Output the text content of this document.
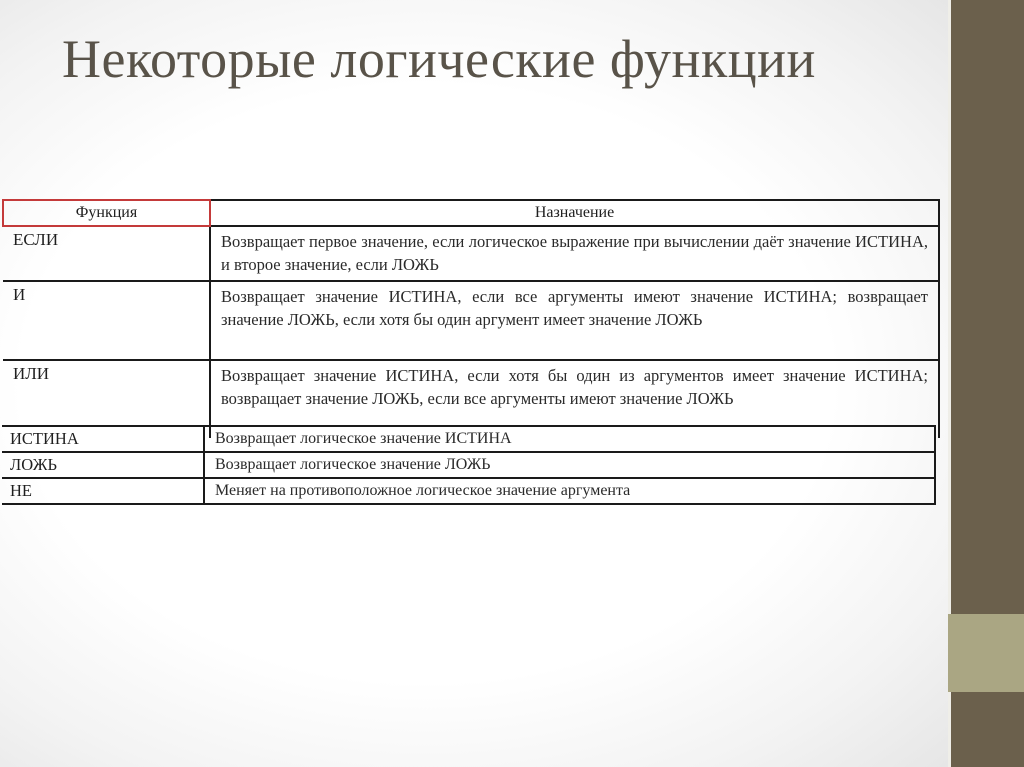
Некоторые логические функции
Функция	Назначение
ЕСЛИ	Возвращает первое значение, если логическое выражение при вычислении даёт значение ИСТИНА, и второе значение, если ЛОЖЬ
И	Возвращает значение ИСТИНА, если все аргументы имеют значение ИСТИНА; возвращает значение ЛОЖЬ, если хотя бы один аргумент имеет значение ЛОЖЬ
ИЛИ	Возвращает значение ИСТИНА, если хотя бы один из аргументов имеет значение ИСТИНА; возвращает значение ЛОЖЬ, если все аргументы имеют значение ЛОЖЬ
ИСТИНА	Возвращает логическое значение ИСТИНА
ЛОЖЬ	Возвращает логическое значение ЛОЖЬ
НЕ	Меняет на противоположное логическое значение аргумента
